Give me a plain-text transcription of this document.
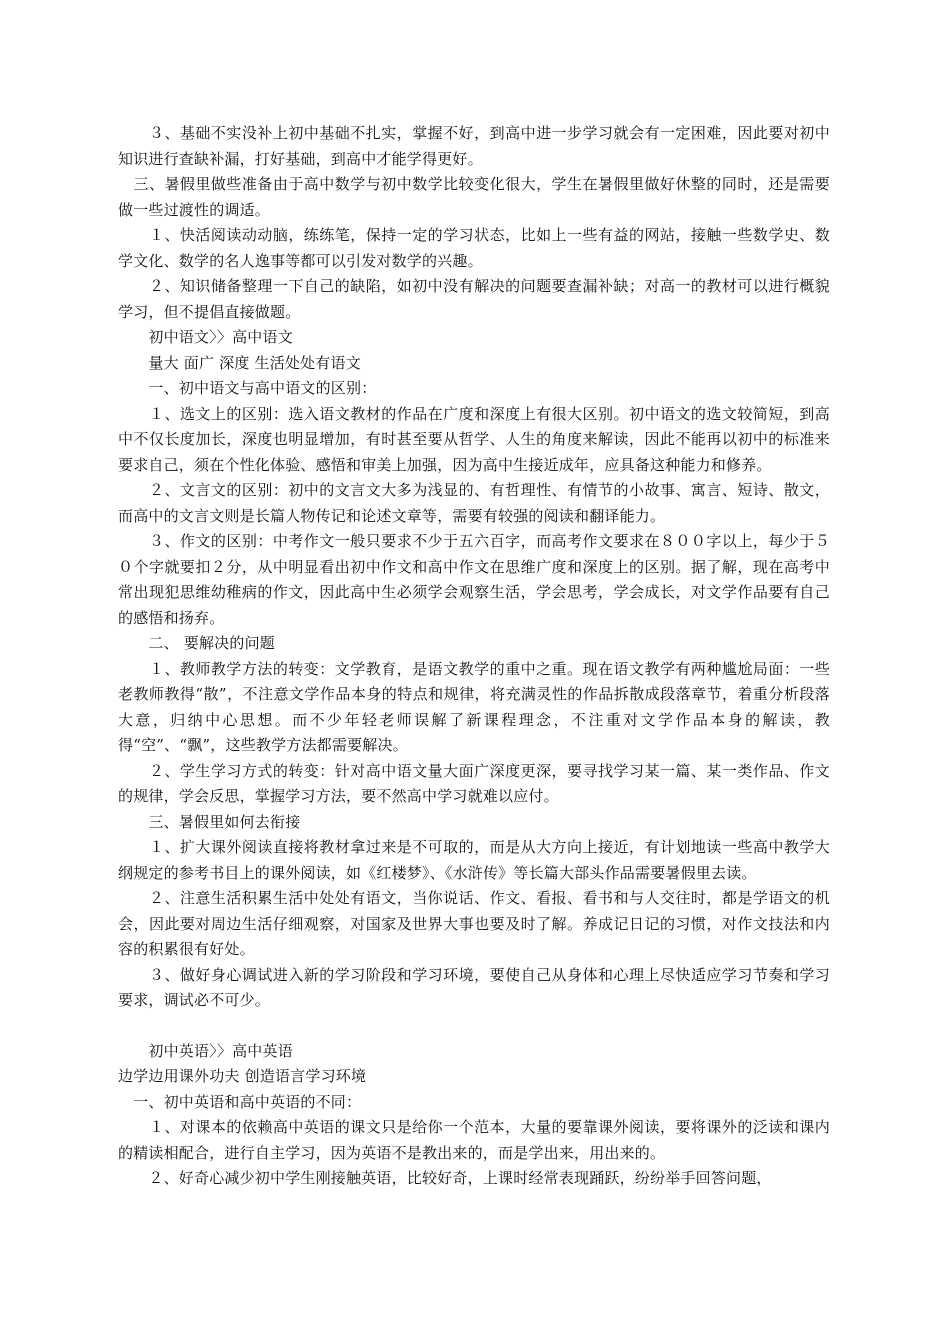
　　３、基础不实没补上初中基础不扎实，掌握不好，到高中进一步学习就会有一定困难，因此要对初中知识进行查缺补漏，打好基础，到高中才能学得更好。

　三、暑假里做些准备由于高中数学与初中数学比较变化很大，学生在暑假里做好休整的同时，还是需要做一些过渡性的调适。

　　１、快活阅读动动脑，练练笔，保持一定的学习状态，比如上一些有益的网站，接触一些数学史、数学文化、数学的名人逸事等都可以引发对数学的兴趣。

　　２、知识储备整理一下自己的缺陷，如初中没有解决的问题要查漏补缺；对高一的教材可以进行概貌学习，但不提倡直接做题。

　　初中语文〉〉高中语文

　　量大 面广 深度 生活处处有语文

　　一、初中语文与高中语文的区别：

　　１、选文上的区别：选入语文教材的作品在广度和深度上有很大区别。初中语文的选文较简短，到高中不仅长度加长，深度也明显增加，有时甚至要从哲学、人生的角度来解读，因此不能再以初中的标准来要求自己，须在个性化体验、感悟和审美上加强，因为高中生接近成年，应具备这种能力和修养。

　　２、文言文的区别：初中的文言文大多为浅显的、有哲理性、有情节的小故事、寓言、短诗、散文，而高中的文言文则是长篇人物传记和论述文章等，需要有较强的阅读和翻译能力。

　　３、作文的区别：中考作文一般只要求不少于五六百字，而高考作文要求在８００字以上，每少于５０个字就要扣２分，从中明显看出初中作文和高中作文在思维广度和深度上的区别。据了解，现在高考中常出现犯思维幼稚病的作文，因此高中生必须学会观察生活，学会思考，学会成长，对文学作品要有自己的感悟和扬弃。

　　二、 要解决的问题

　　１、教师教学方法的转变：文学教育，是语文教学的重中之重。现在语文教学有两种尴尬局面：一些老教师教得“散”，不注意文学作品本身的特点和规律，将充满灵性的作品拆散成段落章节，着重分析段落大意，归纳中心思想。而不少年轻老师误解了新课程理念，不注重对文学作品本身的解读，教得“空”、“飘”，这些教学方法都需要解决。

　　２、学生学习方式的转变：针对高中语文量大面广深度更深，要寻找学习某一篇、某一类作品、作文的规律，学会反思，掌握学习方法，要不然高中学习就难以应付。

　　三、暑假里如何去衔接

　　１、扩大课外阅读直接将教材拿过来是不可取的，而是从大方向上接近，有计划地读一些高中教学大纲规定的参考书目上的课外阅读，如《红楼梦》、《水浒传》等长篇大部头作品需要暑假里去读。

　　２、注意生活积累生活中处处有语文，当你说话、作文、看报、看书和与人交往时，都是学语文的机会，因此要对周边生活仔细观察，对国家及世界大事也要及时了解。养成记日记的习惯，对作文技法和内容的积累很有好处。

　　３、做好身心调试进入新的学习阶段和学习环境，要使自己从身体和心理上尽快适应学习节奏和学习要求，调试必不可少。

　　初中英语〉〉高中英语

边学边用课外功夫 创造语言学习环境

　一、初中英语和高中英语的不同：

　　１、对课本的依赖高中英语的课文只是给你一个范本，大量的要靠课外阅读，要将课外的泛读和课内的精读相配合，进行自主学习，因为英语不是教出来的，而是学出来，用出来的。

　　２、好奇心减少初中学生刚接触英语，比较好奇，上课时经常表现踊跃，纷纷举手回答问题，
